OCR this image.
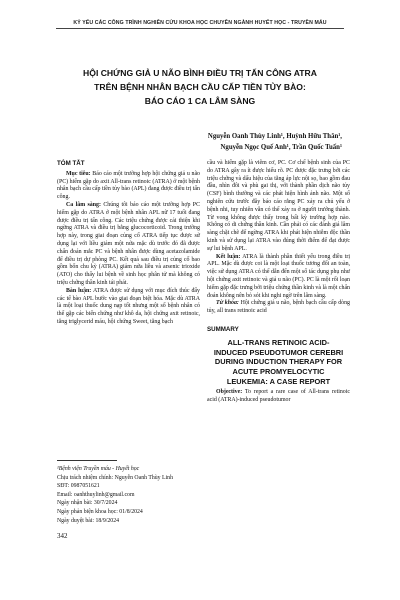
KỶ YẾU CÁC CÔNG TRÌNH NGHIÊN CỨU KHOA HỌC CHUYÊN NGÀNH HUYẾT HỌC - TRUYỀN MÁU
HỘI CHỨNG GIẢ U NÃO BÌNH ĐIỀU TRỊ TẤN CÔNG ATRA
TRÊN BỆNH NHÂN BẠCH CẦU CẤP TIỀN TỦY BÀO:
BÁO CÁO 1 CA LÂM SÀNG
Nguyễn Oanh Thùy Linh¹, Huỳnh Hữu Thân¹,
Nguyễn Ngọc Quế Anh¹, Trần Quốc Tuấn¹
TÓM TẮT

Mục tiêu: Báo cáo một trường hợp hội chứng giả u não (PC) hiếm gặp do axit All-trans retinoic (ATRA) ở một bệnh nhân bạch cầu cấp tiền tủy bào (APL) đang được điều trị tấn công.

Ca lâm sàng: Chúng tôi báo cáo một trường hợp PC hiếm gặp do ATRA ở một bệnh nhân APL nữ 17 tuổi đang được điều trị tấn công. Các triệu chứng được cải thiện khi ngừng ATRA và điều trị bằng glucocorticoid. Trong trường hợp này, trong giai đoạn củng cố ATRA tiếp tục được sử dụng lại với liều giảm một nửa mặc dù trước đó đã được chẩn đoán mắc PC và bệnh nhân được dùng acetazolamide để điều trị dự phòng PC. Kết quả sau điều trị củng cố bao gồm bốn chu kỳ (ATRA) giảm nửa liều và arsenic trioxide (ATO) cho thấy lui bệnh về sinh học phân tử mà không có triệu chứng thần kinh tái phát.

Bàn luận: ATRA được sử dụng với mục đích thúc đẩy các tế bào APL bước vào giai đoạn biệt hóa. Mặc dù ATRA là một loại thuốc dung nạp tốt nhưng một số bệnh nhân có thể gặp các biến chứng như khô da, hội chứng axit retinoic, tăng triglycerid máu, hội chứng Sweet, tăng bạch

¹Bệnh viện Truyền máu - Huyết học
Chịu trách nhiệm chính: Nguyễn Oanh Thùy Linh
SĐT: 0987051621
Email: oanhthuylinh@gmail.com
Ngày nhận bài: 30/7/2024
Ngày phản biện khoa học: 01/8/2024
Ngày duyệt bài: 18/9/2024

cầu và hiếm gặp là viêm cơ, PC. Cơ chế bệnh sinh của PC do ATRA gây ra ít được hiểu rõ. PC được đặc trưng bởi các triệu chứng và dấu hiệu của tăng áp lực nội sọ, bao gồm đau đầu, nhìn đôi và phù gai thị, với thành phần dịch não tủy (CSF) bình thường và các phát hiện hình ảnh não. Một số nghiên cứu trước đây báo cáo rằng PC xảy ra chủ yếu ở bệnh nhi, tuy nhiên vẫn có thể xảy ra ở người trưởng thành. Từ vong không được thấy trong bất kỳ trường hợp nào. Không có di chứng thần kinh. Cần phải có các đánh giá lâm sàng chặt chẽ để ngừng ATRA khi phát hiện nhiễm độc thần kinh và sử dụng lại ATRA vào đúng thời điểm để đạt được sự lui bệnh APL.

Kết luận: ATRA là thành phần thiết yếu trong điều trị APL. Mặc dù được coi là một loại thuốc tương đối an toàn, việc sử dụng ATRA có thể dẫn đến một số tác dụng phụ như hội chứng axit retinoic và giả u não (PC). PC là một rối loạn hiếm gặp đặc trưng bởi triệu chứng thần kinh và là một chẩn đoán không nên bỏ sót khi nghi ngờ trên lâm sàng.

Từ khóa: Hội chứng giả u não, bệnh bạch cầu cấp dòng tủy, all trans retinoic acid

SUMMARY
ALL-TRANS RETINOIC ACID-
INDUCED PSEUDOTUMOR CEREBRI
DURING INDUCTION THERAPY FOR
ACUTE PROMYELOCYTIC
LEUKEMIA: A CASE REPORT

Objective: To report a rare case of All-trans retinoic acid (ATRA)-induced pseudotumor

342
